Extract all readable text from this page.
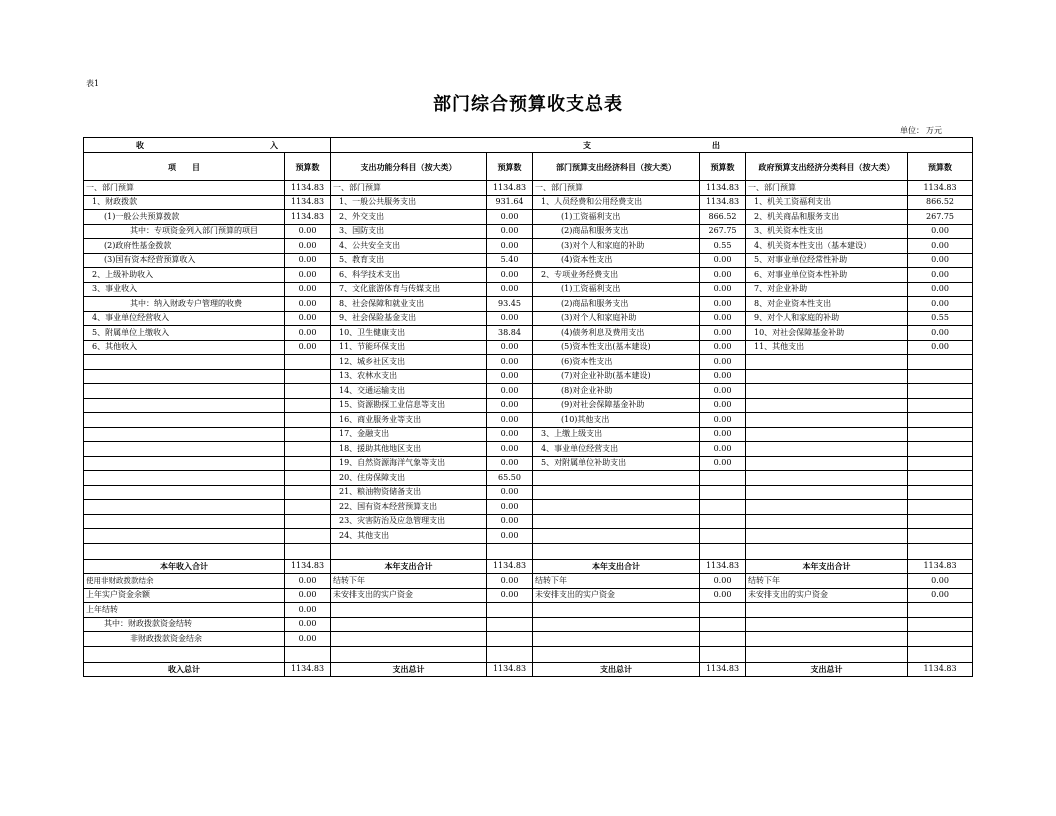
表1
部门综合预算收支总表
单位： 万元
收 入		支 出					

项　　目	预算数	支出功能分科目（按大类）	预算数	部门预算支出经济科目（按大类）	预算数	政府预算支出经济分类科目（按大类）	预算数
一、部门预算	1134.83	一、部门预算	1134.83	一、部门预算	1134.83	一、部门预算	1134.83
1、财政拨款	1134.83	1、一般公共服务支出	931.64	1、人员经费和公用经费支出	1134.83	1、机关工资福利支出	866.52
(1)一般公共预算拨款	1134.83	2、外交支出	0.00	(1)工资福利支出	866.52	2、机关商品和服务支出	267.75
其中：专项资金列入部门预算的项目	0.00	3、国防支出	0.00	(2)商品和服务支出	267.75	3、机关资本性支出	0.00
(2)政府性基金拨款	0.00	4、公共安全支出	0.00	(3)对个人和家庭的补助	0.55	4、机关资本性支出（基本建设）	0.00
(3)国有资本经营预算收入	0.00	5、教育支出	5.40	(4)资本性支出	0.00	5、对事业单位经常性补助	0.00
2、上级补助收入	0.00	6、科学技术支出	0.00	2、专项业务经费支出	0.00	6、对事业单位资本性补助	0.00
3、事业收入	0.00	7、文化旅游体育与传媒支出	0.00	(1)工资福利支出	0.00	7、对企业补助	0.00
其中：纳入财政专户管理的收费	0.00	8、社会保障和就业支出	93.45	(2)商品和服务支出	0.00	8、对企业资本性支出	0.00
4、事业单位经营收入	0.00	9、社会保险基金支出	0.00	(3)对个人和家庭补助	0.00	9、对个人和家庭的补助	0.55
5、附属单位上缴收入	0.00	10、卫生健康支出	38.84	(4)债务利息及费用支出	0.00	10、对社会保障基金补助	0.00
6、其他收入	0.00	11、节能环保支出	0.00	(5)资本性支出(基本建设)	0.00	11、其他支出	0.00
		12、城乡社区支出	0.00	(6)资本性支出	0.00		
		13、农林水支出	0.00	(7)对企业补助(基本建设)	0.00		
		14、交通运输支出	0.00	(8)对企业补助	0.00		
		15、资源勘探工业信息等支出	0.00	(9)对社会保障基金补助	0.00		
		16、商业服务业等支出	0.00	(10)其他支出	0.00		
		17、金融支出	0.00	3、上缴上级支出	0.00		
		18、援助其他地区支出	0.00	4、事业单位经营支出	0.00		
		19、自然资源海洋气象等支出	0.00	5、对附属单位补助支出	0.00		
		20、住房保障支出	65.50				
		21、粮油物资储备支出	0.00				
		22、国有资本经营预算支出	0.00				
		23、灾害防治及应急管理支出	0.00				
		24、其他支出	0.00				

本年收入合计	1134.83	本年支出合计	1134.83	本年支出合计	1134.83	本年支出合计	1134.83
使用非财政拨款结余	0.00	结转下年	0.00	结转下年	0.00	结转下年	0.00
上年实户资金余额	0.00	未安排支出的实户资金	0.00	未安排支出的实户资金	0.00	未安排支出的实户资金	0.00
上年结转	0.00						
其中：财政拨款资金结转	0.00						
非财政拨款资金结余	0.00						

收入总计	1134.83	支出总计	1134.83	支出总计	1134.83	支出总计	1134.83
